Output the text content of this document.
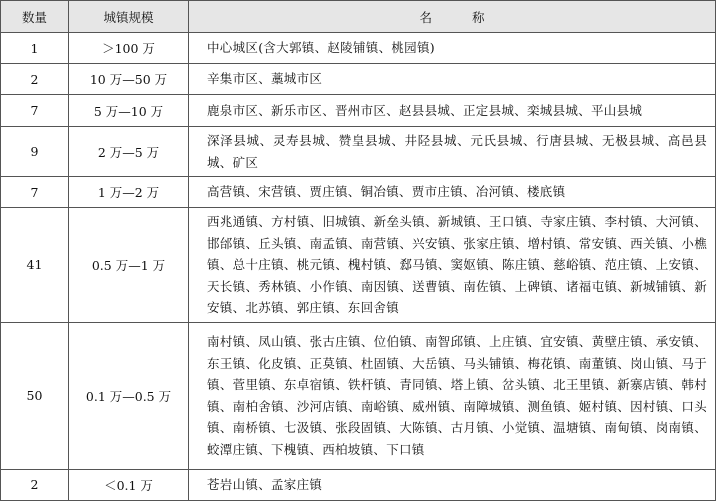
数量	城镇规模	名称
1	＞100 万	中心城区(含大郭镇、赵陵铺镇、桃园镇)
2	10 万—50 万	辛集市区、藁城市区
7	5 万—10 万	鹿泉市区、新乐市区、晋州市区、赵县县城、正定县城、栾城县城、平山县城
9	2 万—5 万	深泽县城、灵寿县城、赞皇县城、井陉县城、元氏县城、行唐县城、无极县城、高邑县城、矿区
7	1 万—2 万	高营镇、宋营镇、贾庄镇、铜冶镇、贾市庄镇、冶河镇、楼底镇
41	0.5 万—1 万	西兆通镇、方村镇、旧城镇、新垒头镇、新城镇、王口镇、寺家庄镇、李村镇、大河镇、邯邰镇、丘头镇、南孟镇、南营镇、兴安镇、张家庄镇、增村镇、常安镇、西关镇、小樵镇、总十庄镇、桃元镇、槐村镇、郄马镇、窦妪镇、陈庄镇、慈峪镇、范庄镇、上安镇、天长镇、秀林镇、小作镇、南因镇、送曹镇、南佐镇、上碑镇、诸福屯镇、新城铺镇、新安镇、北苏镇、郭庄镇、东回舍镇
50	0.1 万—0.5 万	南村镇、凤山镇、张古庄镇、位伯镇、南智邱镇、上庄镇、宜安镇、黄壁庄镇、承安镇、东王镇、化皮镇、正莫镇、杜固镇、大岳镇、马头铺镇、梅花镇、南董镇、岗山镇、马于镇、菅里镇、东卓宿镇、铁杆镇、青同镇、塔上镇、岔头镇、北王里镇、新寨店镇、韩村镇、南柏舍镇、沙河店镇、南峪镇、威州镇、南障城镇、测鱼镇、姬村镇、因村镇、口头镇、南桥镇、七汲镇、张段固镇、大陈镇、古月镇、小觉镇、温塘镇、南甸镇、岗南镇、蛟潭庄镇、下槐镇、西柏坡镇、下口镇
2	＜0.1 万	苍岩山镇、孟家庄镇
